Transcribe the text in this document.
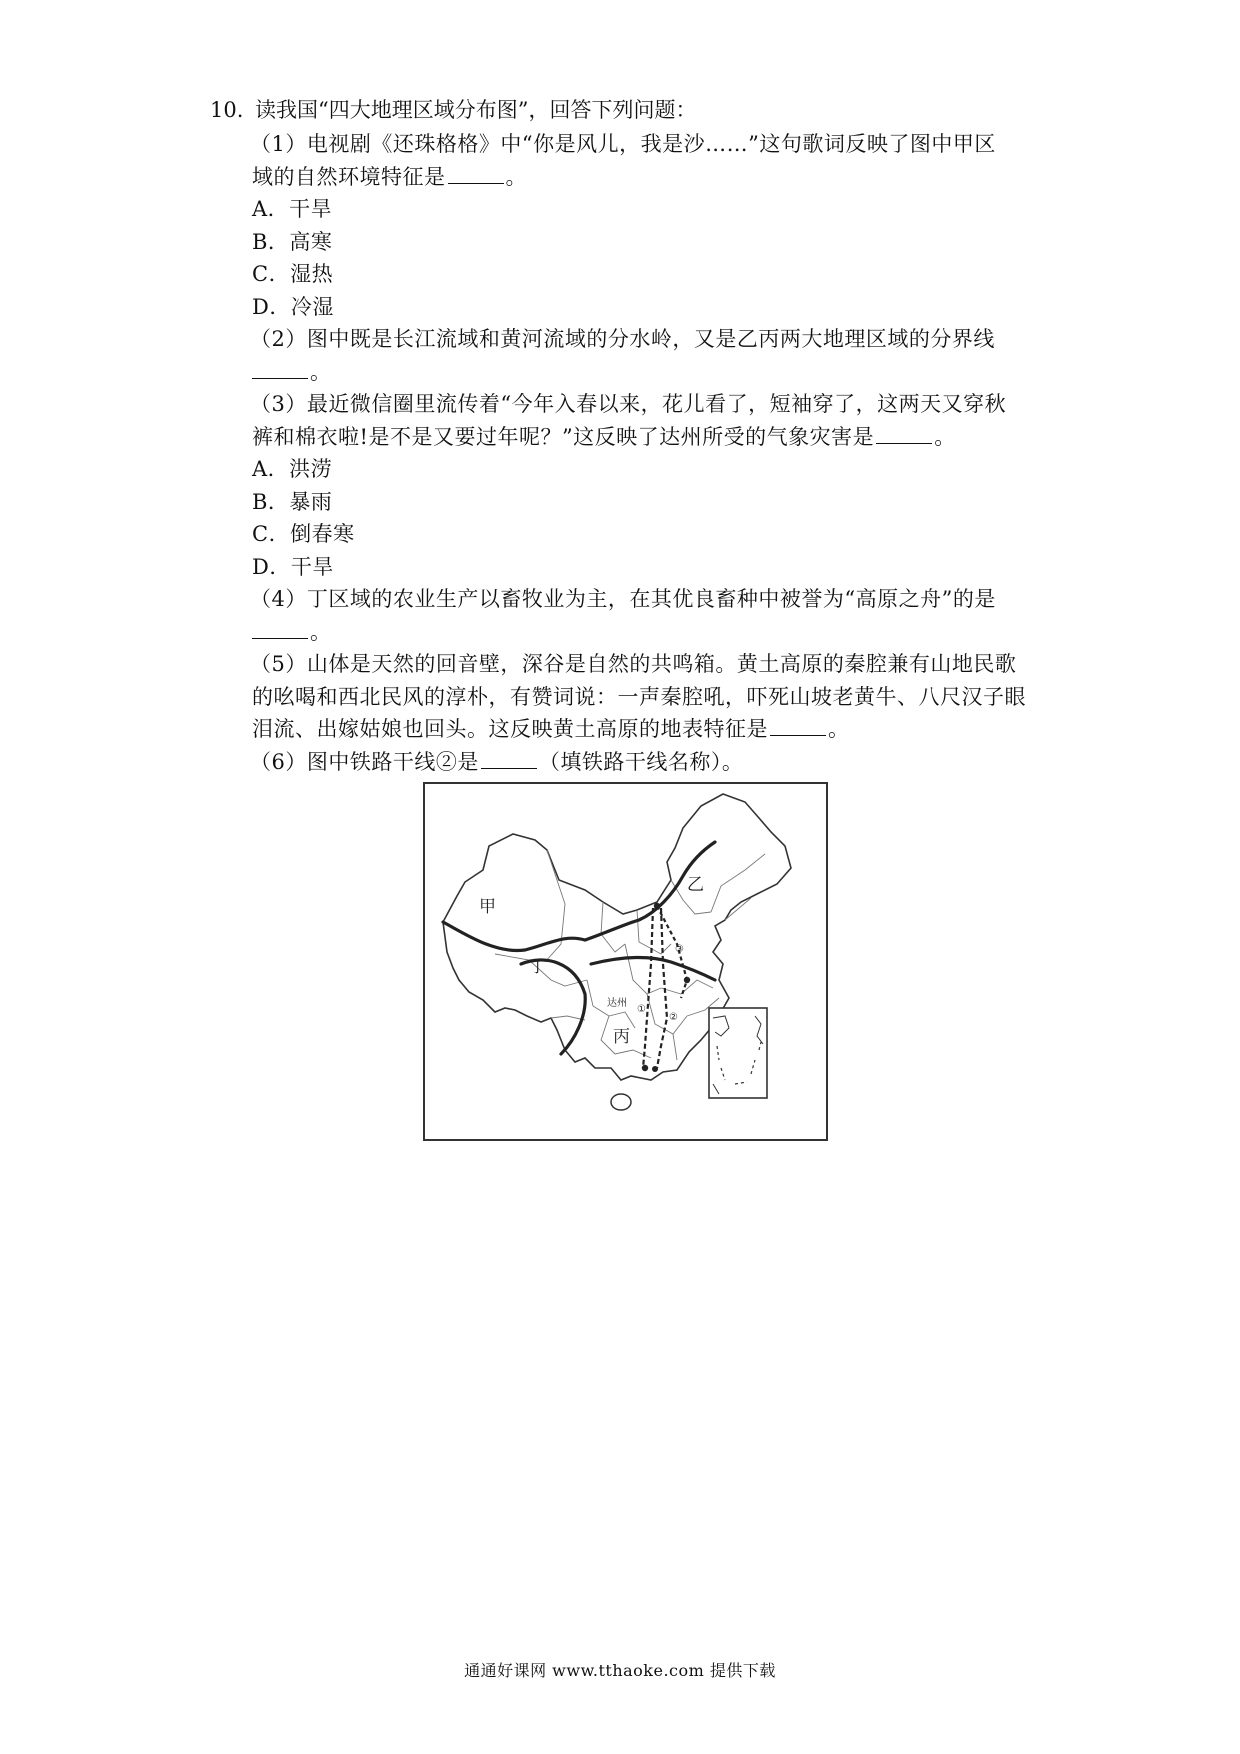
10. 读我国“四大地理区域分布图”，回答下列问题：
（1）电视剧《还珠格格》中“你是风儿，我是沙……”这句歌词反映了图中甲区
域的自然环境特征是	。
A．干旱
B．高寒
C．湿热
D．冷湿
（2）图中既是长江流域和黄河流域的分水岭，又是乙丙两大地理区域的分界线
。
（3）最近微信圈里流传着“今年入春以来，花儿看了，短袖穿了，这两天又穿秋
裤和棉衣啦!是不是又要过年呢？”这反映了达州所受的气象灾害是	。
A．洪涝
B．暴雨
C．倒春寒
D．干旱
（4）丁区域的农业生产以畜牧业为主，在其优良畜种中被誉为“高原之舟”的是
。
（5）山体是天然的回音壁，深谷是自然的共鸣箱。黄土高原的秦腔兼有山地民歌
的吆喝和西北民风的淳朴，有赞词说：一声秦腔吼，吓死山坡老黄牛、八尺汉子眼
泪流、出嫁姑娘也回头。这反映黄土高原的地表特征是	。
（6）图中铁路干线②是	（填铁路干线名称）。
甲
乙
丙
丁
达州
①
②
③
通通好课网 www.tthaoke.com 提供下载
